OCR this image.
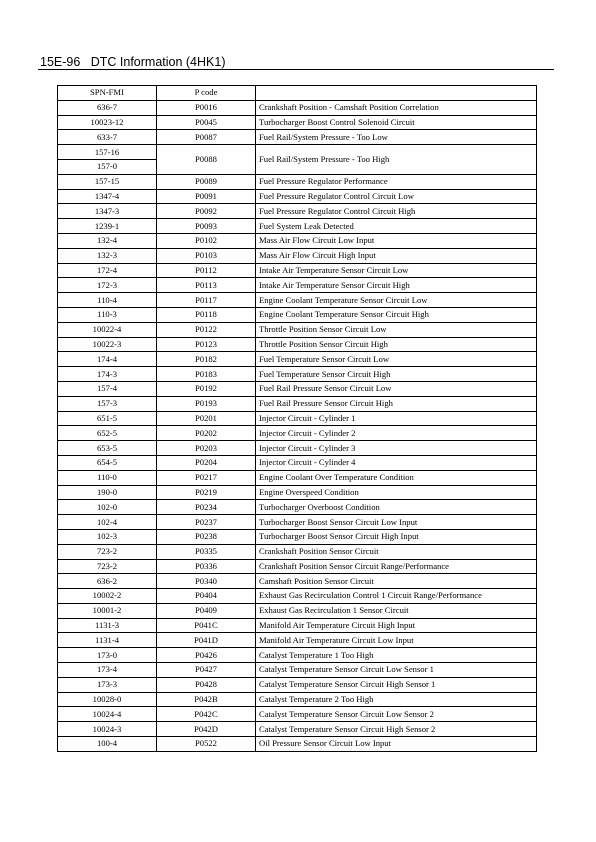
15E-96   DTC Information (4HK1)
SPN-FMI	P code	
636-7	P0016	Crankshaft Position - Camshaft Position Correlation
10023-12	P0045	Turbocharger Boost Control Solenoid Circuit
633-7	P0087	Fuel Rail/System Pressure - Too Low
157-16	P0088	Fuel Rail/System Pressure - Too High
157-0		
157-15	P0089	Fuel Pressure Regulator Performance
1347-4	P0091	Fuel Pressure Regulator Control Circuit Low
1347-3	P0092	Fuel Pressure Regulator Control Circuit High
1239-1	P0093	Fuel System Leak Detected
132-4	P0102	Mass Air Flow Circuit Low Input
132-3	P0103	Mass Air Flow Circuit High Input
172-4	P0112	Intake Air Temperature Sensor Circuit Low
172-3	P0113	Intake Air Temperature Sensor Circuit High
110-4	P0117	Engine Coolant Temperature Sensor Circuit Low
110-3	P0118	Engine Coolant Temperature Sensor Circuit High
10022-4	P0122	Throttle Position Sensor Circuit Low
10022-3	P0123	Throttle Position Sensor Circuit High
174-4	P0182	Fuel Temperature Sensor Circuit Low
174-3	P0183	Fuel Temperature Sensor Circuit High
157-4	P0192	Fuel Rail Pressure Sensor Circuit Low
157-3	P0193	Fuel Rail Pressure Sensor Circuit High
651-5	P0201	Injector Circuit - Cylinder 1
652-5	P0202	Injector Circuit - Cylinder 2
653-5	P0203	Injector Circuit - Cylinder 3
654-5	P0204	Injector Circuit - Cylinder 4
110-0	P0217	Engine Coolant Over Temperature Condition
190-0	P0219	Engine Overspeed Condition
102-0	P0234	Turbocharger Overboost Condition
102-4	P0237	Turbocharger Boost Sensor Circuit Low Input
102-3	P0238	Turbocharger Boost Sensor Circuit High Input
723-2	P0335	Crankshaft Position Sensor Circuit
723-2	P0336	Crankshaft Position Sensor Circuit Range/Performance
636-2	P0340	Camshaft Position Sensor Circuit
10002-2	P0404	Exhaust Gas Recirculation Control 1 Circuit Range/Performance
10001-2	P0409	Exhaust Gas Recirculation 1 Sensor Circuit
1131-3	P041C	Manifold Air Temperature Circuit High Input
1131-4	P041D	Manifold Air Temperature Circuit Low Input
173-0	P0426	Catalyst Temperature 1 Too High
173-4	P0427	Catalyst Temperature Sensor Circuit Low Sensor 1
173-3	P0428	Catalyst Temperature Sensor Circuit High Sensor 1
10028-0	P042B	Catalyst Temperature 2 Too High
10024-4	P042C	Catalyst Temperature Sensor Circuit Low Sensor 2
10024-3	P042D	Catalyst Temperature Sensor Circuit High Sensor 2
100-4	P0522	Oil Pressure Sensor Circuit Low Input
